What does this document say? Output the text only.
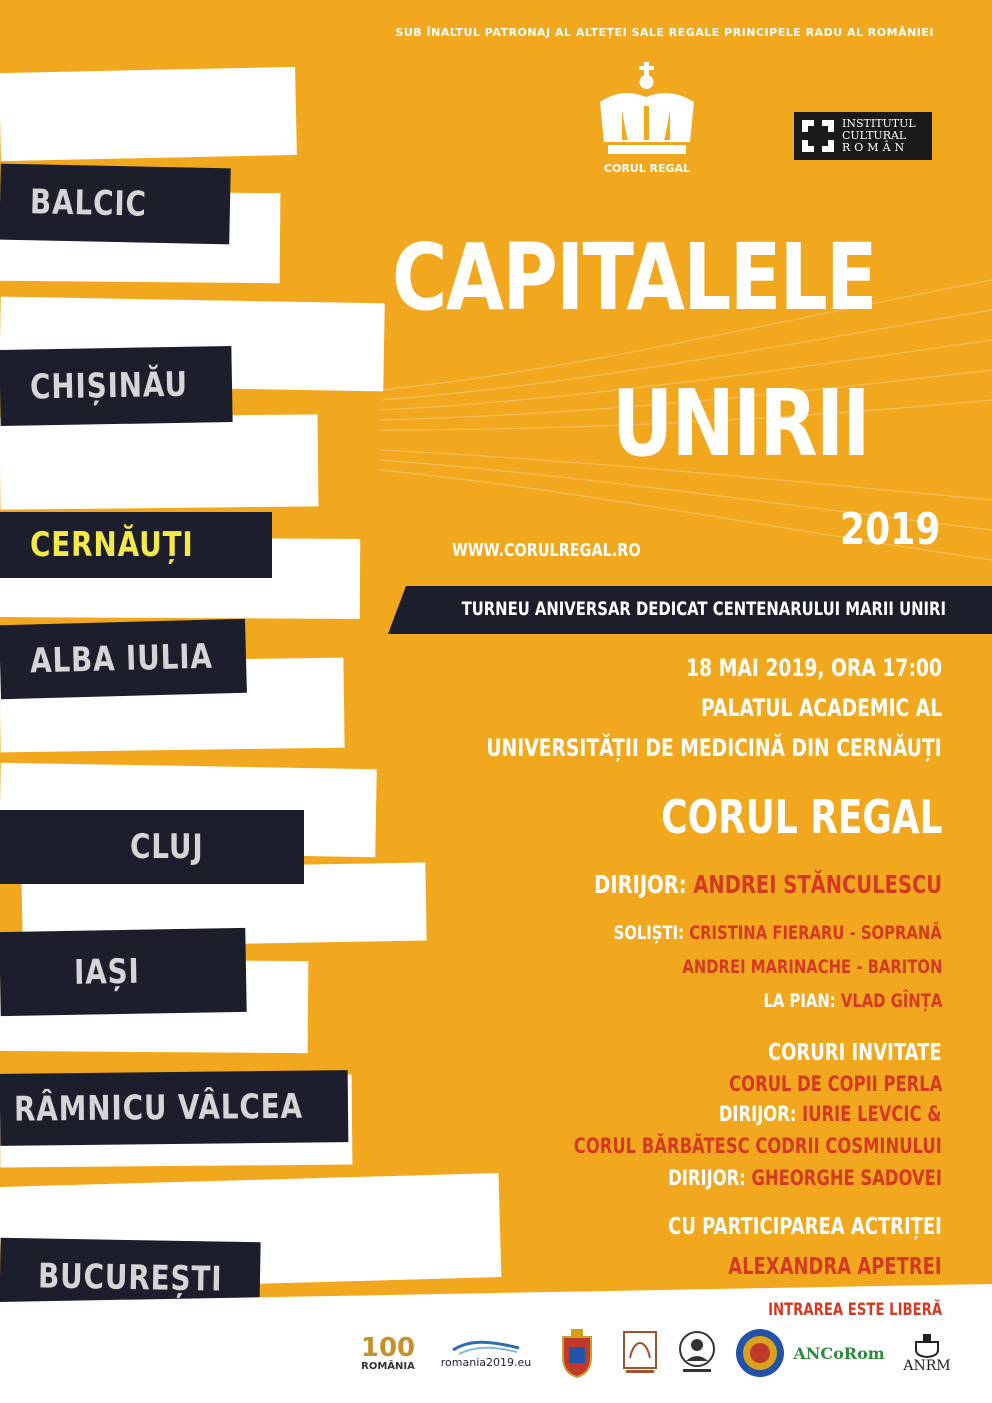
SUB ÎNALTUL PATRONAJ AL ALTEȚEI SALE REGALE PRINCIPELE RADU AL ROMÂNIEI
CORUL REGAL
INSTITUTUL
CULTURAL
ROMÂN
CAPITALELE
UNIRII
2019
WWW.CORULREGAL.RO
TURNEU ANIVERSAR DEDICAT CENTENARULUI MARII UNIRI
BALCIC
CHIȘINĂU
CERNĂUȚI
ALBA IULIA
CLUJ
IAȘI
RÂMNICU VÂLCEA
BUCUREȘTI
18 MAI 2019, ORA 17:00
PALATUL ACADEMIC AL
UNIVERSITĂȚII DE MEDICINĂ DIN CERNĂUȚI
CORUL REGAL
DIRIJOR: ANDREI STĂNCULESCU
SOLIȘTI: CRISTINA FIERARU - SOPRANĂ
ANDREI MARINACHE - BARITON
LA PIAN: VLAD GÎNȚA
CORURI INVITATE
CORUL DE COPII PERLA
DIRIJOR: IURIE LEVCIC &
CORUL BĂRBĂTESC CODRII COSMINULUI
DIRIJOR: GHEORGHE SADOVEI
CU PARTICIPAREA ACTRIȚEI
ALEXANDRA APETREI
INTRAREA ESTE LIBERĂ
100
ROMÂNIA romania2019.eu	ANCoRom
ANRM
